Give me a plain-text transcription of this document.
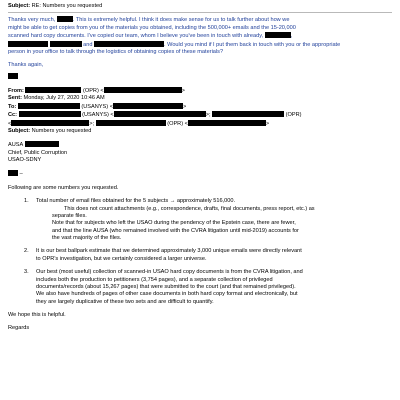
Subject: RE: Numbers you requested
Thanks very much,	. This is extremely helpful. I think it does make sense for us to talk further about how we
might be able to get copies from you of the materials you obtained, including the 500,000+ emails and the 15-20,000
scanned hard copy documents. I've copied our team, whom I believe you've been in touch with already,	,
and	. Would you mind if I put them back in touch with you or the appropriate
person in your office to talk through the logistics of obtaining copies of these materials?
Thanks again,
From:	(OPR) <	>
Sent: Monday, July 27, 2020 10:46 AM
To:	(USANYS) <	>
Cc:	(USANYS) <	>;	(OPR)
<	>;	(OPR) <	>
Subject: Numbers you requested
AUSA
Chief, Public Corruption
USAO-SDNY
–
Following are some numbers you requested.
1. Total number of email files obtained for the 5 subjects → approximately 516,000.
This does not count attachments (e.g., correspondence, drafts, final documents, press report, etc.) as
separate files.
Note that for subjects who left the USAO during the pendency of the Epstein case, there are fewer,
and that the line AUSA (who remained involved with the CVRA litigation until mid-2019) accounts for
the vast majority of the files.
2. It is our best ballpark estimate that we determined approximately 3,000 unique emails were directly relevant
to OPR's investigation, but we certainly considered a larger universe.
3. Our best (most useful) collection of scanned-in USAO hard copy documents is from the CVRA litigation, and
includes both the production to petitioners (3,754 pages), and a separate collection of privileged
documents/records (about 15,267 pages) that were submitted to the court (and that remained privileged).
We also have hundreds of pages of other case documents in both hard copy format and electronically, but
they are largely duplicative of these two sets and are difficult to quantify.
We hope this is helpful.
Regards
